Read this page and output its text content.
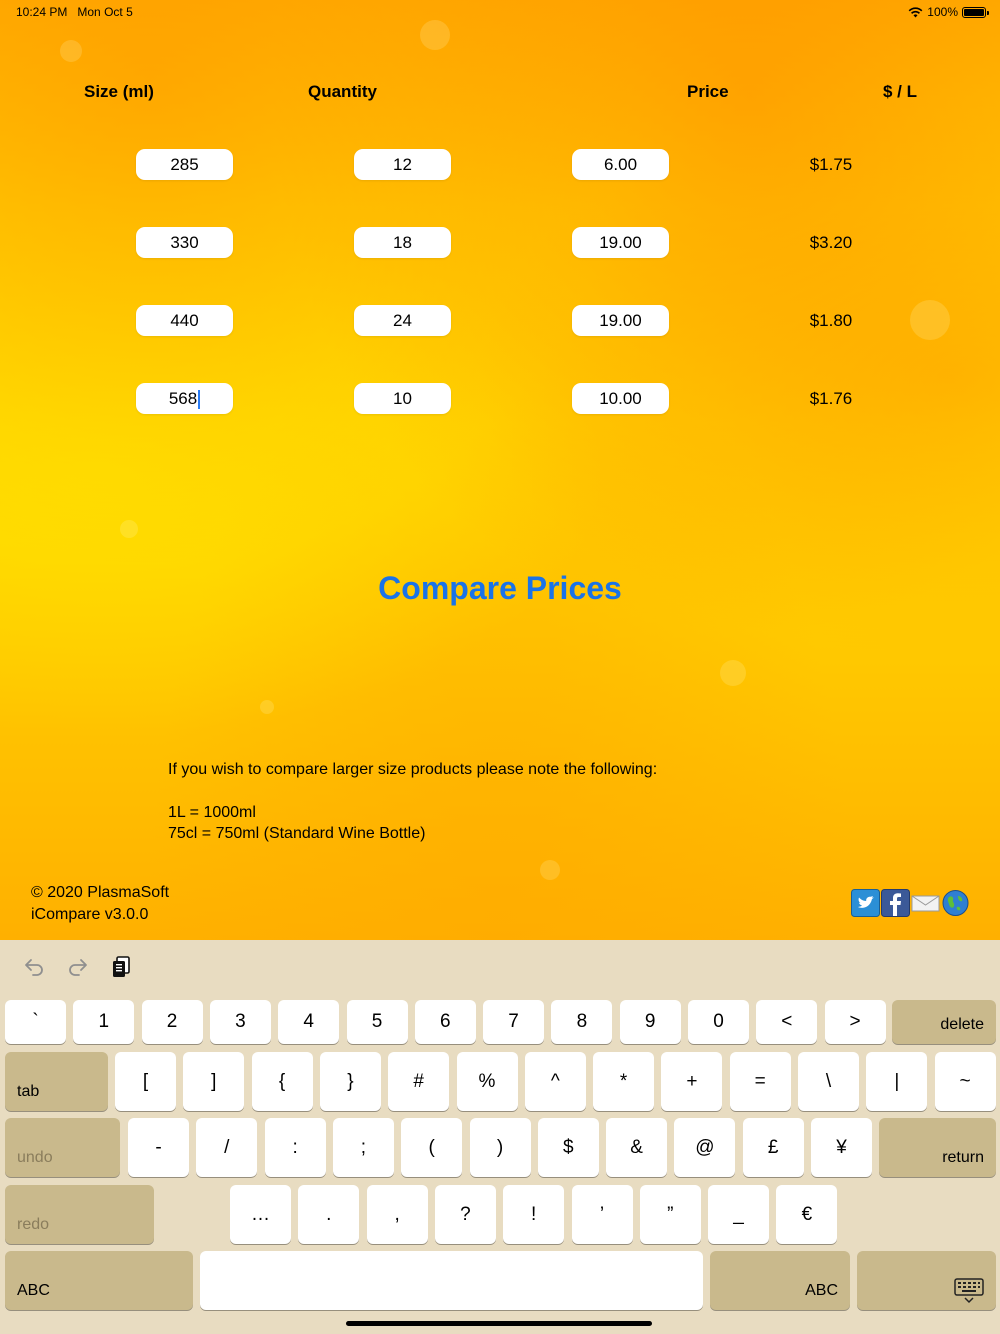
10:24 PM Mon Oct 5	100%
Size (ml)	Quantity	Price	$ / L
285	12	6.00	$1.75
330	18	19.00	$3.20
440	24	19.00	$1.80
568	10	10.00	$1.76
Compare Prices
If you wish to compare larger size products please note the following:
1L = 1000ml
75cl = 750ml (Standard Wine Bottle)
© 2020 PlasmaSoft
iCompare v3.0.0
`	1	2	3	4	5	6	7	8	9	0	<	>	delete
tab	[	]	{	}	#	%	^	*	+	=	\	|	~
undo	-	/	:	;	(	)	$	&	@	£	¥	return
redo	…	.	,	?	!	’	”	_	€
ABC	ABC
